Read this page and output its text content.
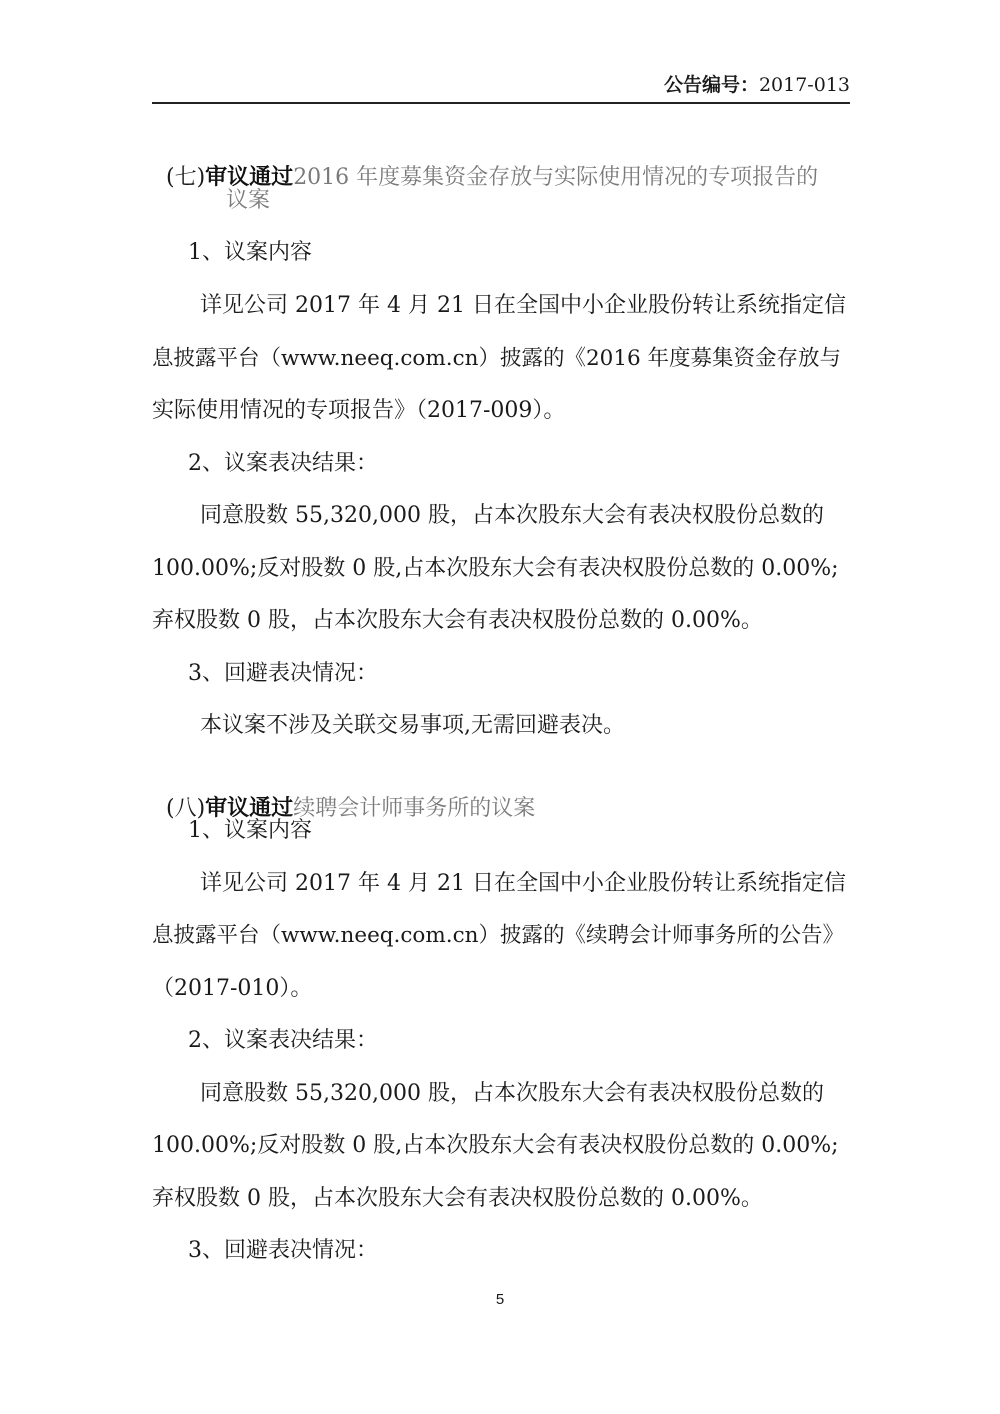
公告编号：2017-013

(七)审议通过2016 年度募集资金存放与实际使用情况的专项报告的

议案
1、议案内容
详见公司 2017 年 4 月 21 日在全国中小企业股份转让系统指定信
息披露平台（www.neeq.com.cn）披露的《2016 年度募集资金存放与
实际使用情况的专项报告》（2017-009）。
2、议案表决结果：
同意股数 55,320,000 股，占本次股东大会有表决权股份总数的
100.00%;反对股数 0 股,占本次股东大会有表决权股份总数的 0.00%;
弃权股数 0 股，占本次股东大会有表决权股份总数的 0.00%。
3、回避表决情况：
本议案不涉及关联交易事项,无需回避表决。

(八)审议通过续聘会计师事务所的议案

1、议案内容
详见公司 2017 年 4 月 21 日在全国中小企业股份转让系统指定信
息披露平台（www.neeq.com.cn）披露的《续聘会计师事务所的公告》
（2017-010）。
2、议案表决结果：
同意股数 55,320,000 股，占本次股东大会有表决权股份总数的
100.00%;反对股数 0 股,占本次股东大会有表决权股份总数的 0.00%;
弃权股数 0 股，占本次股东大会有表决权股份总数的 0.00%。
3、回避表决情况：
5
